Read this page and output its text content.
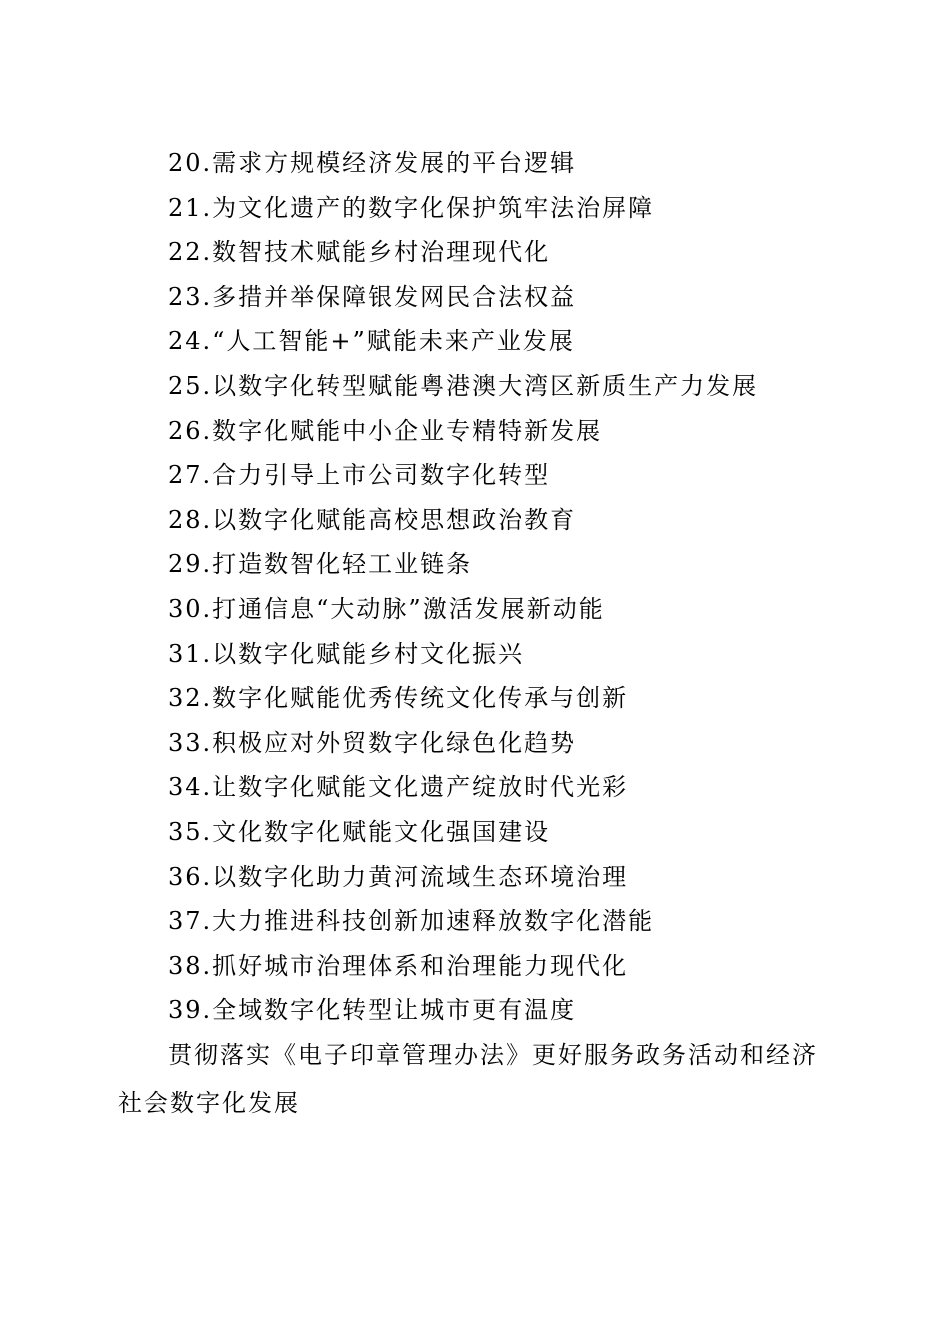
20.需求方规模经济发展的平台逻辑
21.为文化遗产的数字化保护筑牢法治屏障
22.数智技术赋能乡村治理现代化
23.多措并举保障银发网民合法权益
24.“人工智能+”赋能未来产业发展
25.以数字化转型赋能粤港澳大湾区新质生产力发展
26.数字化赋能中小企业专精特新发展
27.合力引导上市公司数字化转型
28.以数字化赋能高校思想政治教育
29.打造数智化轻工业链条
30.打通信息“大动脉”激活发展新动能
31.以数字化赋能乡村文化振兴
32.数字化赋能优秀传统文化传承与创新
33.积极应对外贸数字化绿色化趋势
34.让数字化赋能文化遗产绽放时代光彩
35.文化数字化赋能文化强国建设
36.以数字化助力黄河流域生态环境治理
37.大力推进科技创新加速释放数字化潜能
38.抓好城市治理体系和治理能力现代化
39.全域数字化转型让城市更有温度

贯彻落实《电子印章管理办法》更好服务政务活动和经济社会数字化发展
